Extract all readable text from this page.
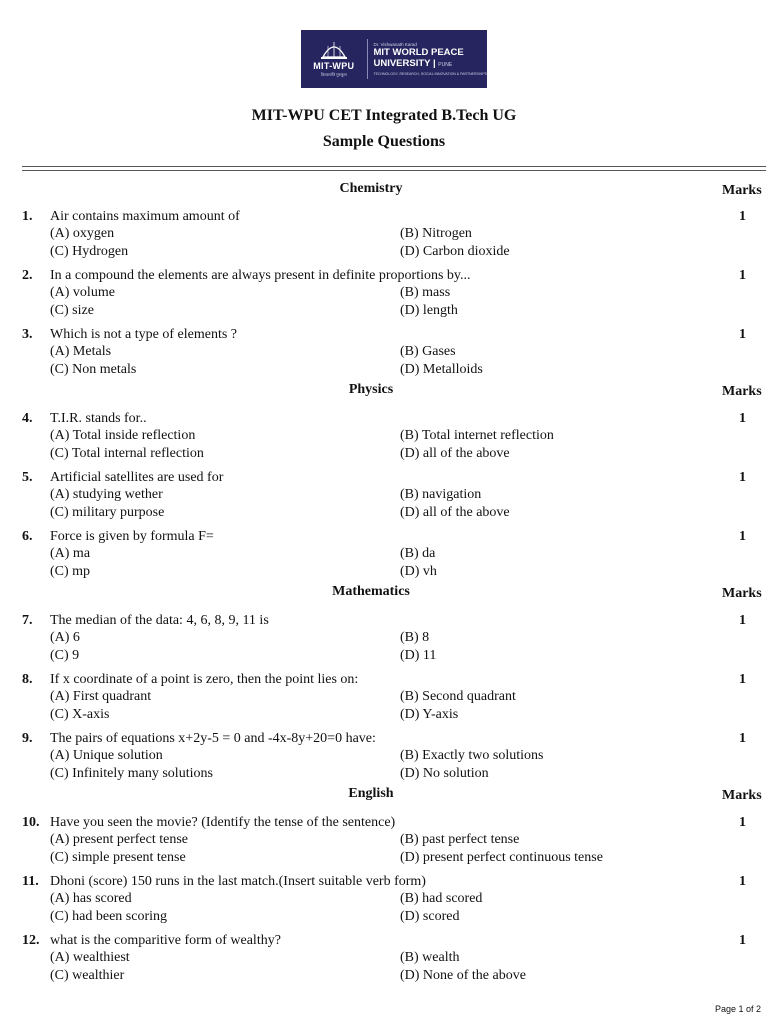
MIT-WPU
विश्वशांति गुरुकुल
Dr. Vishwanath Karad
MIT WORLD PEACE
UNIVERSITY | PUNE
TECHNOLOGY, RESEARCH, SOCIAL INNOVATION & PARTNERSHIPS
MIT-WPU CET Integrated B.Tech UG
Sample Questions
Chemistry	Marks
1. Air contains maximum amount of	1
(A) oxygen	(B) Nitrogen
(C) Hydrogen	(D) Carbon dioxide
2. In a compound the elements are always present in definite proportions by...	1
(A) volume	(B) mass
(C) size	(D) length
3. Which is not a type of elements ?	1
(A) Metals	(B) Gases
(C) Non metals	(D) Metalloids
Physics	Marks
4. T.I.R. stands for..	1
(A) Total inside reflection	(B) Total internet reflection
(C) Total internal reflection	(D) all of the above
5. Artificial satellites are used for	1
(A) studying wether	(B) navigation
(C) military purpose	(D) all of the above
6. Force is given by formula F=	1
(A) ma	(B) da
(C) mp	(D) vh
Mathematics	Marks
7. The median of the data: 4, 6, 8, 9, 11 is	1
(A) 6	(B) 8
(C) 9	(D) 11
8. If x coordinate of a point is zero, then the point lies on:	1
(A) First quadrant	(B) Second quadrant
(C) X-axis	(D) Y-axis
9. The pairs of equations x+2y-5 = 0 and -4x-8y+20=0 have:	1
(A) Unique solution	(B) Exactly two solutions
(C) Infinitely many solutions	(D) No solution
English	Marks
10. Have you seen the movie? (Identify the tense of the sentence)	1
(A) present perfect tense	(B) past perfect tense
(C) simple present tense	(D) present perfect continuous tense
11. Dhoni (score) 150 runs in the last match.(Insert suitable verb form)	1
(A) has scored	(B) had scored
(C) had been scoring	(D) scored
12. what is the comparitive form of wealthy?	1
(A) wealthiest	(B) wealth
(C) wealthier	(D) None of the above
Page 1 of 2
